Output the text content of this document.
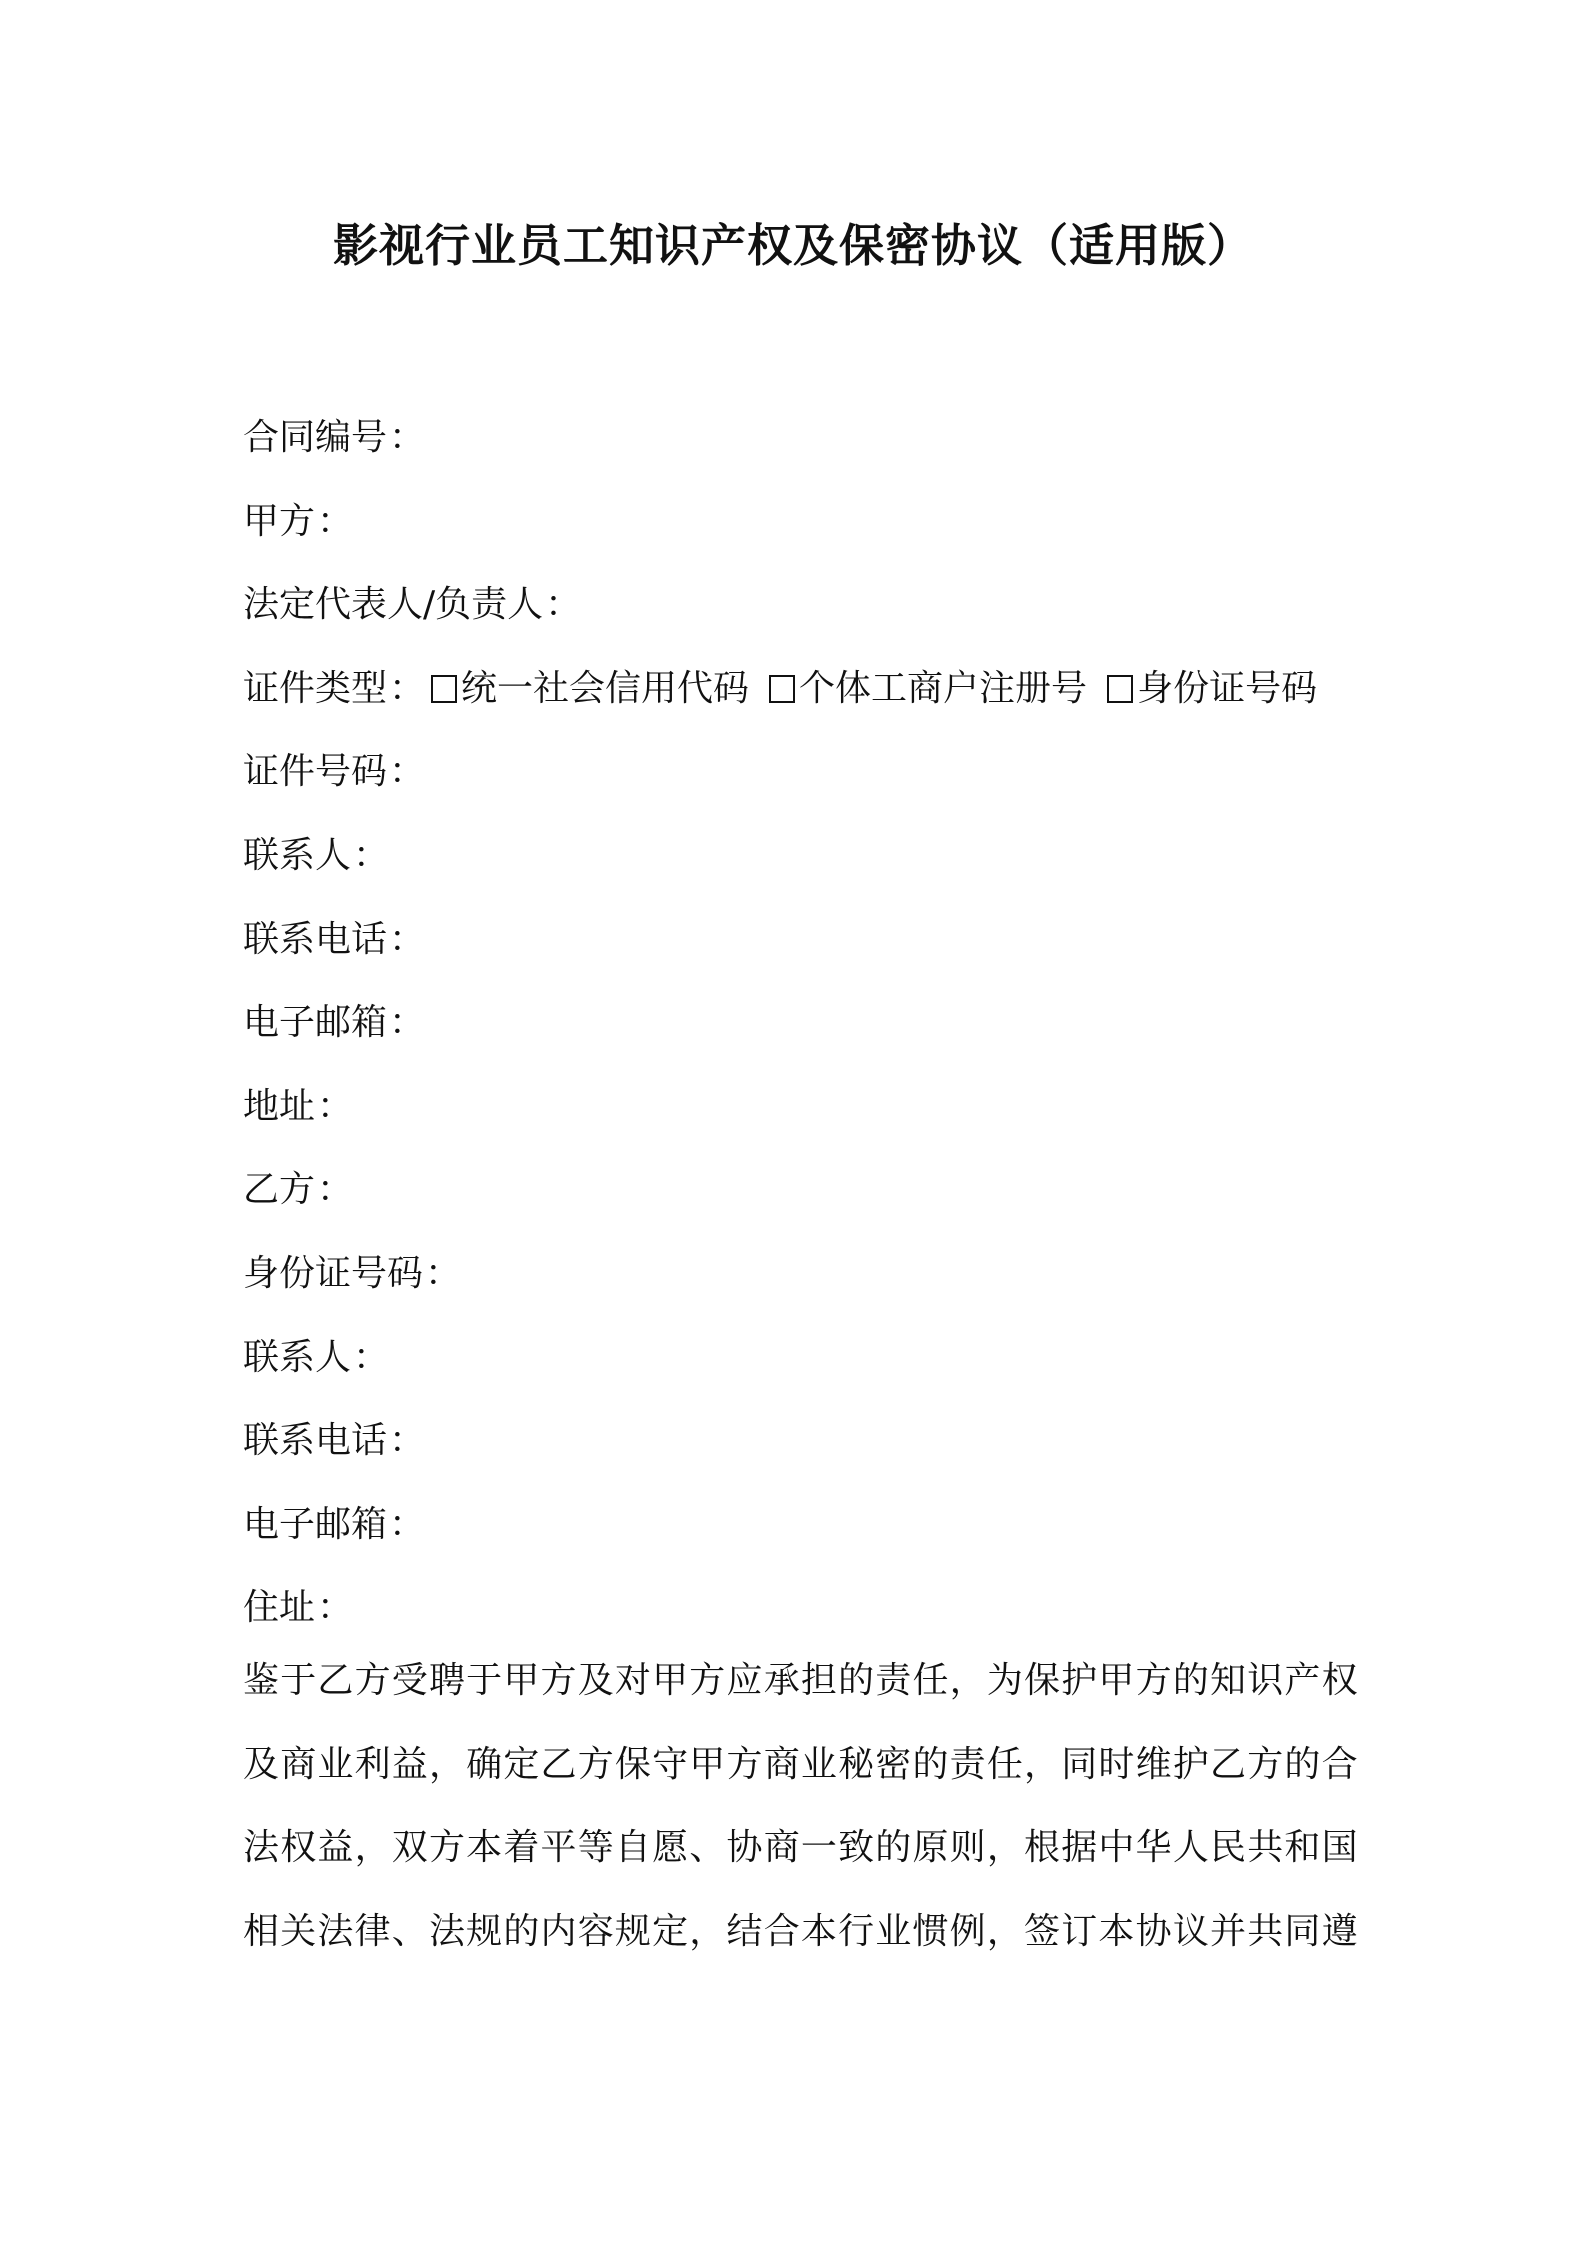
影视行业员工知识产权及保密协议（适用版）
合同编号：
甲方：
法定代表人/负责人：
证件类型： 统一社会信用代码 个体工商户注册号 身份证号码
证件号码：
联系人：
联系电话：
电子邮箱：
地址：
乙方：
身份证号码：
联系人：
联系电话：
电子邮箱：
住址：
鉴于乙方受聘于甲方及对甲方应承担的责任，为保护甲方的知识产权
及商业利益，确定乙方保守甲方商业秘密的责任，同时维护乙方的合
法权益，双方本着平等自愿、协商一致的原则，根据中华人民共和国
相关法律、法规的内容规定，结合本行业惯例，签订本协议并共同遵
